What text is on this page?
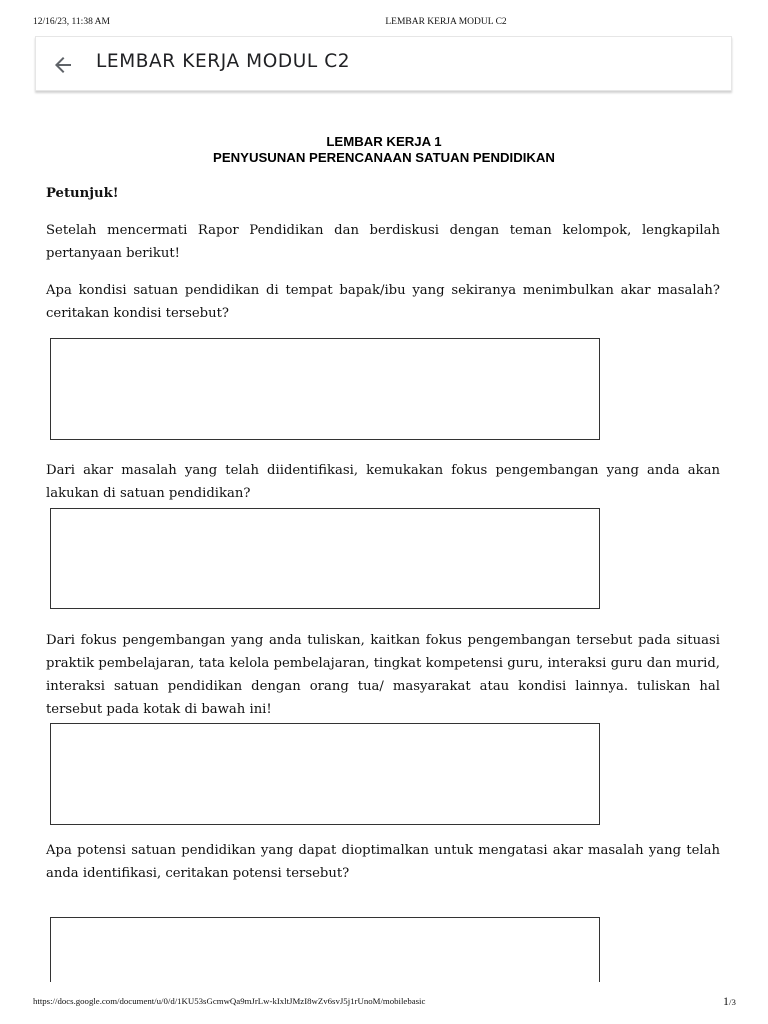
12/16/23, 11:38 AM	LEMBAR KERJA MODUL C2
LEMBAR KERJA MODUL C2
LEMBAR KERJA 1
PENYUSUNAN PERENCANAAN SATUAN PENDIDIKAN
Petunjuk!
Setelah mencermati Rapor Pendidikan dan berdiskusi dengan teman kelompok, lengkapilah pertanyaan berikut!
Apa kondisi satuan pendidikan di tempat bapak/ibu yang sekiranya menimbulkan akar masalah? ceritakan kondisi tersebut?
Dari akar masalah yang telah diidentifikasi, kemukakan fokus pengembangan yang anda akan lakukan di satuan pendidikan?
Dari fokus pengembangan yang anda tuliskan, kaitkan fokus pengembangan tersebut pada situasi praktik pembelajaran, tata kelola pembelajaran, tingkat kompetensi guru, interaksi guru dan murid, interaksi satuan pendidikan dengan orang tua/ masyarakat atau kondisi lainnya. tuliskan hal tersebut pada kotak di bawah ini!
Apa potensi satuan pendidikan yang dapat dioptimalkan untuk mengatasi akar masalah yang telah anda identifikasi, ceritakan potensi tersebut?
https://docs.google.com/document/u/0/d/1KU53sGcmwQa9mJrLw-kIxltJMzI8wZv6svJ5j1rUnoM/mobilebasic	1/3
